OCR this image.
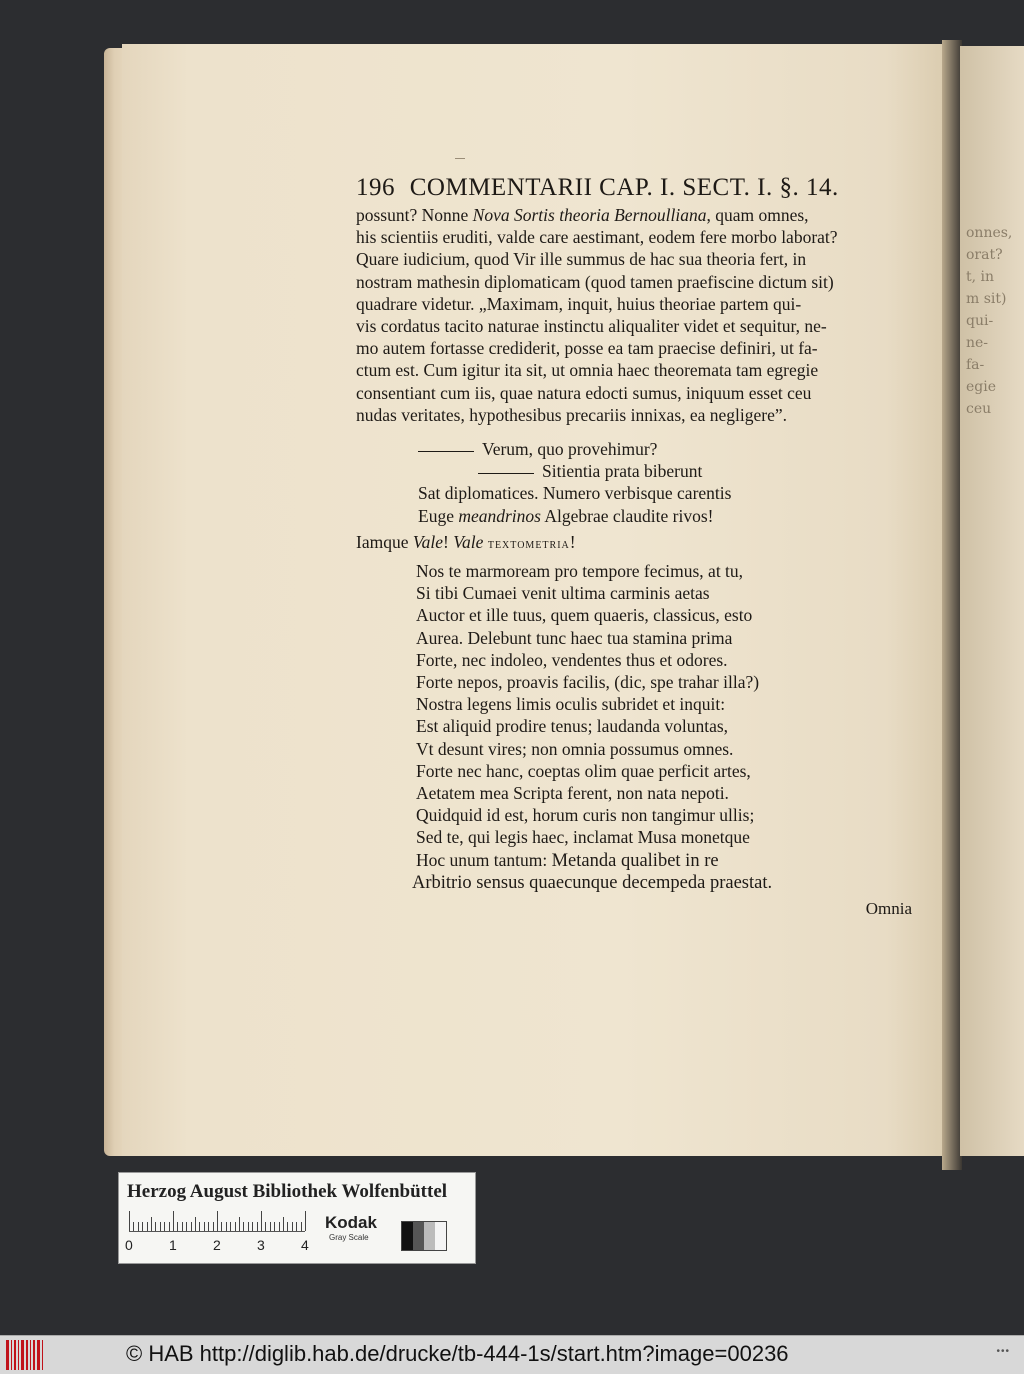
onnes,
orat?
t, in
m sit)
qui-
ne-
fa-
egie
ceu
196 COMMENTARII CAP. I. SECT. I. §. 14.

possunt? Nonne Nova Sortis theoria Bernoulliana, quam omnes,

his scientiis eruditi, valde care aestimant, eodem fere morbo laborat?

Quare iudicium, quod Vir ille summus de hac sua theoria fert, in

nostram mathesin diplomaticam (quod tamen praefiscine dictum sit)

quadrare videtur. „Maximam, inquit, huius theoriae partem qui-

vis cordatus tacito naturae instinctu aliqualiter videt et sequitur, ne-

mo autem fortasse crediderit, posse ea tam praecise definiri, ut fa-

ctum est. Cum igitur ita sit, ut omnia haec theoremata tam egregie

consentiant cum iis, quae natura edocti sumus, iniquum esset ceu

nudas veritates, hypothesibus precariis innixas, ea negligere”.

Verum, quo provehimur?
Sitientia prata biberunt
Sat diplomatices. Numero verbisque carentis
Euge meandrinos Algebrae claudite rivos!
Iamque Vale! Vale textometria!
Nos te marmoream pro tempore fecimus, at tu,
Si tibi Cumaei venit ultima carminis aetas
Auctor et ille tuus, quem quaeris, classicus, esto
Aurea. Delebunt tunc haec tua stamina prima
Forte, nec indoleo, vendentes thus et odores.
Forte nepos, proavis facilis, (dic, spe trahar illa?)
Nostra legens limis oculis subridet et inquit:
Est aliquid prodire tenus; laudanda voluntas,
Vt desunt vires; non omnia possumus omnes.
Forte nec hanc, coeptas olim quae perficit artes,
Aetatem mea Scripta ferent, non nata nepoti.
Quidquid id est, horum curis non tangimur ullis;
Sed te, qui legis haec, inclamat Musa monetque
Hoc unum tantum: Metanda qualibet in re
Arbitrio sensus quaecunque decempeda praestat.
Omnia
Herzog August Bibliothek Wolfenbüttel
0	1	2	3	4
Kodak
Gray Scale
© HAB http://diglib.hab.de/drucke/tb-444-1s/start.htm?image=00236	•••
